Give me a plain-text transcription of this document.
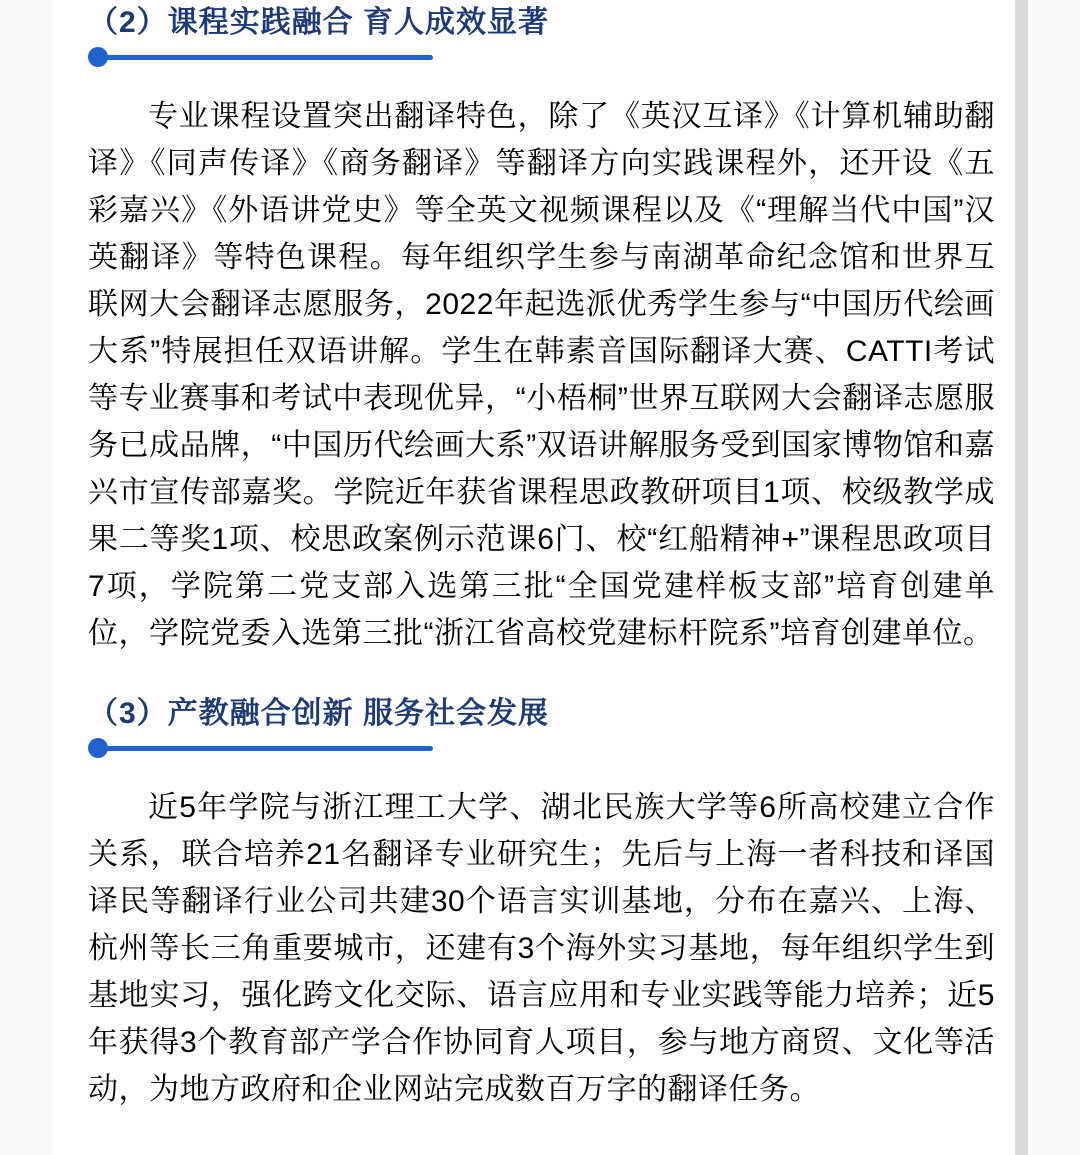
（2）课程实践融合 育人成效显著

专业课程设置突出翻译特色，除了《英汉互译》《计算机辅助翻译》《同声传译》《商务翻译》等翻译方向实践课程外，还开设《五彩嘉兴》《外语讲党史》等全英文视频课程以及《“理解当代中国”汉英翻译》等特色课程。每年组织学生参与南湖革命纪念馆和世界互联网大会翻译志愿服务，2022年起选派优秀学生参与“中国历代绘画大系”特展担任双语讲解。学生在韩素音国际翻译大赛、CATTI考试等专业赛事和考试中表现优异，“小梧桐”世界互联网大会翻译志愿服务已成品牌，“中国历代绘画大系”双语讲解服务受到国家博物馆和嘉兴市宣传部嘉奖。学院近年获省课程思政教研项目1项、校级教学成果二等奖1项、校思政案例示范课6门、校“红船精神+”课程思政项目7项，学院第二党支部入选第三批“全国党建样板支部”培育创建单位，学院党委入选第三批“浙江省高校党建标杆院系”培育创建单位。

（3）产教融合创新 服务社会发展

近5年学院与浙江理工大学、湖北民族大学等6所高校建立合作关系，联合培养21名翻译专业研究生；先后与上海一者科技和译国译民等翻译行业公司共建30个语言实训基地，分布在嘉兴、上海、杭州等长三角重要城市，还建有3个海外实习基地，每年组织学生到基地实习，强化跨文化交际、语言应用和专业实践等能力培养；近5年获得3个教育部产学合作协同育人项目，参与地方商贸、文化等活动，为地方政府和企业网站完成数百万字的翻译任务。
